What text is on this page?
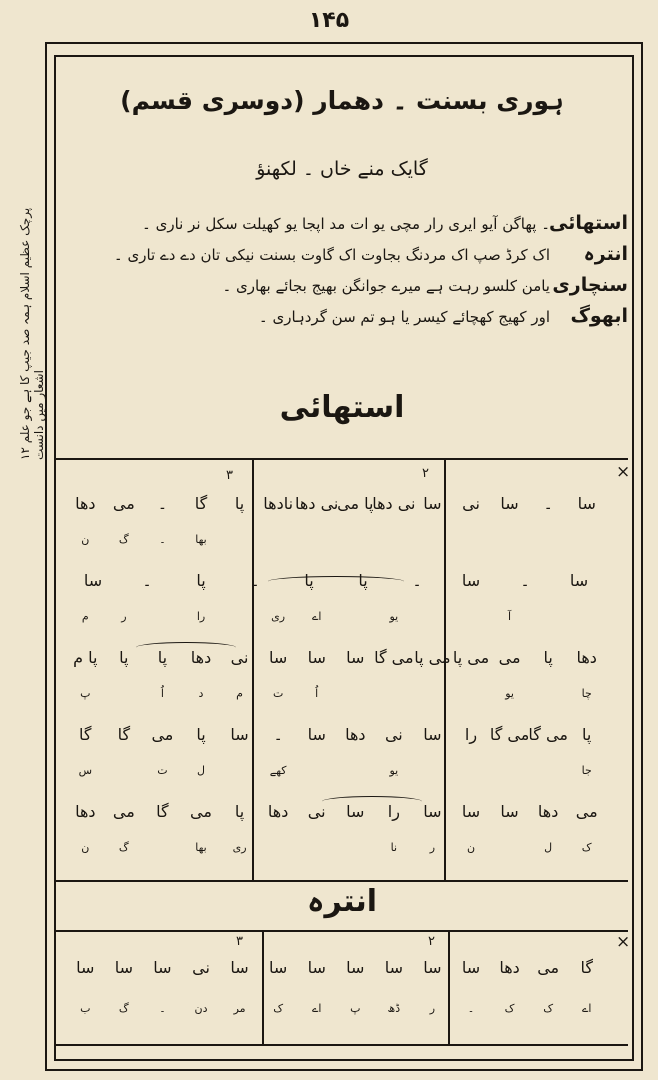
۱۴۵
۱۲ پرچک عظیم اسلام ہمہ صد جیپ کا ہے جو علم اشعار میں دانست
ہوری بسنت ۔ دھمار (دوسری قسم)
گایک منے خاں ۔ لکھنؤ
استھائی
۔ پھاگن آیو ایری رار مچی یو ات مد اپجا یو کھیلت سکل نر ناری ۔
انترہ
اک کرڈ صپ اک مردنگ بجاوت اک گاوت بسنت نیکی تان دے دے تاری ۔
سنچاری
یامن کلسو رہت ہے میرے جوانگن بھیج بجائے بھاری ۔
ابھوگ
اور کھیج کھچائے کیسر یا ہو تم سن گردہاری ۔
استھائی
×
۲
۳
سا
۔
سا
نی
سا
نی دھا
پا می
نی دھا
نادھا
پا
گا
۔
می
دھا
بھا
۔
گ
ن
سا
۔
سا
۔
پا
پا
۔
پا
۔
سا
آ
یو
اے
ری
را
ر
م
دھا
پا
می
می پا
می پا
می گا
سا
سا
سا
نی
دھا
پا
پا
پا م
چا
یو
اُ
ت
م
د
اُ
پ
پا
می گا
می گا
را
سا
نی
دھا
سا
۔
سا
پا
می
گا
گا
جا
یو
کھے
ل
ت
س
می
دھا
سا
سا
سا
را
سا
نی
دھا
پا
می
گا
می
دھا
ک
ل
ن
ر
نا
ری
بھا
گ
ن
انترہ
×
۲
۳
گا
می
دھا
سا
سا
سا
سا
سا
سا
سا
نی
سا
سا
سا
اے
ک
ک
۔
ر
ڈھ
پ
اے
ک
مر
دن
۔
گ
ب
